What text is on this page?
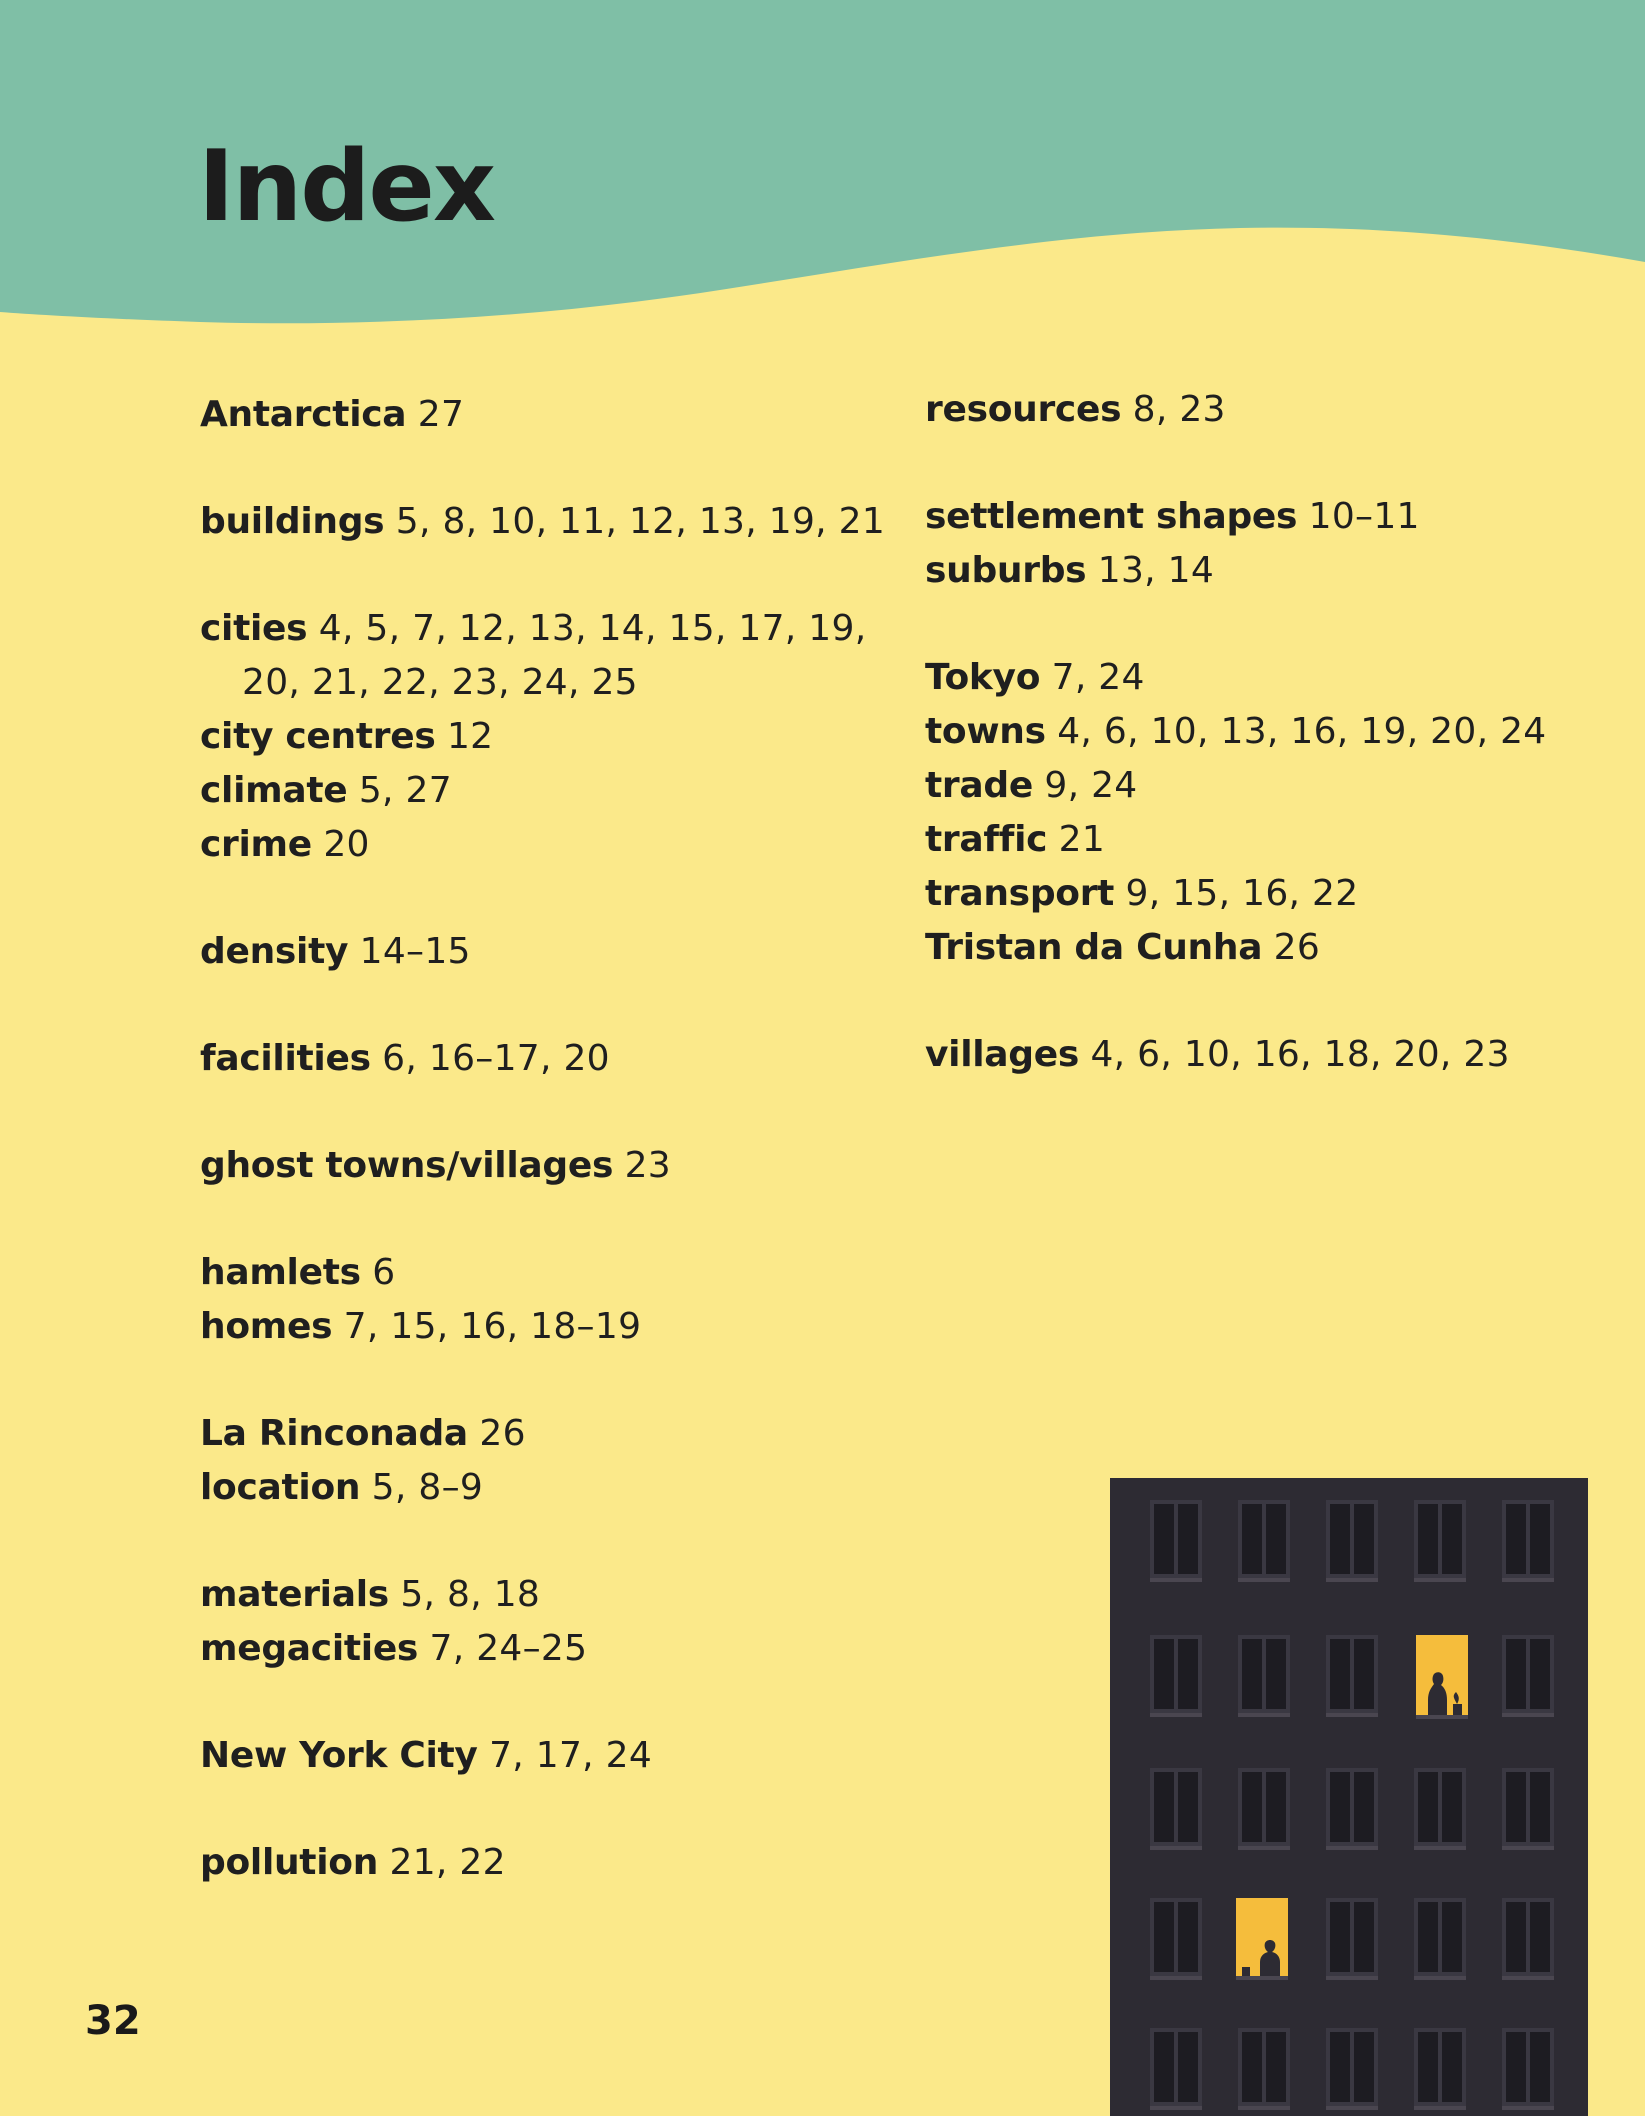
Index
Antarctica 27
buildings 5, 8, 10, 11, 12, 13, 19, 21
cities 4, 5, 7, 12, 13, 14, 15, 17, 19, 20, 21, 22, 23, 24, 25
city centres 12
climate 5, 27
crime 20
density 14–15
facilities 6, 16–17, 20
ghost towns/villages 23
hamlets 6
homes 7, 15, 16, 18–19
La Rinconada 26
location 5, 8–9
materials 5, 8, 18
megacities 7, 24–25
New York City 7, 17, 24
pollution 21, 22
resources 8, 23
settlement shapes 10–11
suburbs 13, 14
Tokyo 7, 24
towns 4, 6, 10, 13, 16, 19, 20, 24
trade 9, 24
traffic 21
transport 9, 15, 16, 22
Tristan da Cunha 26
villages 4, 6, 10, 16, 18, 20, 23
32
